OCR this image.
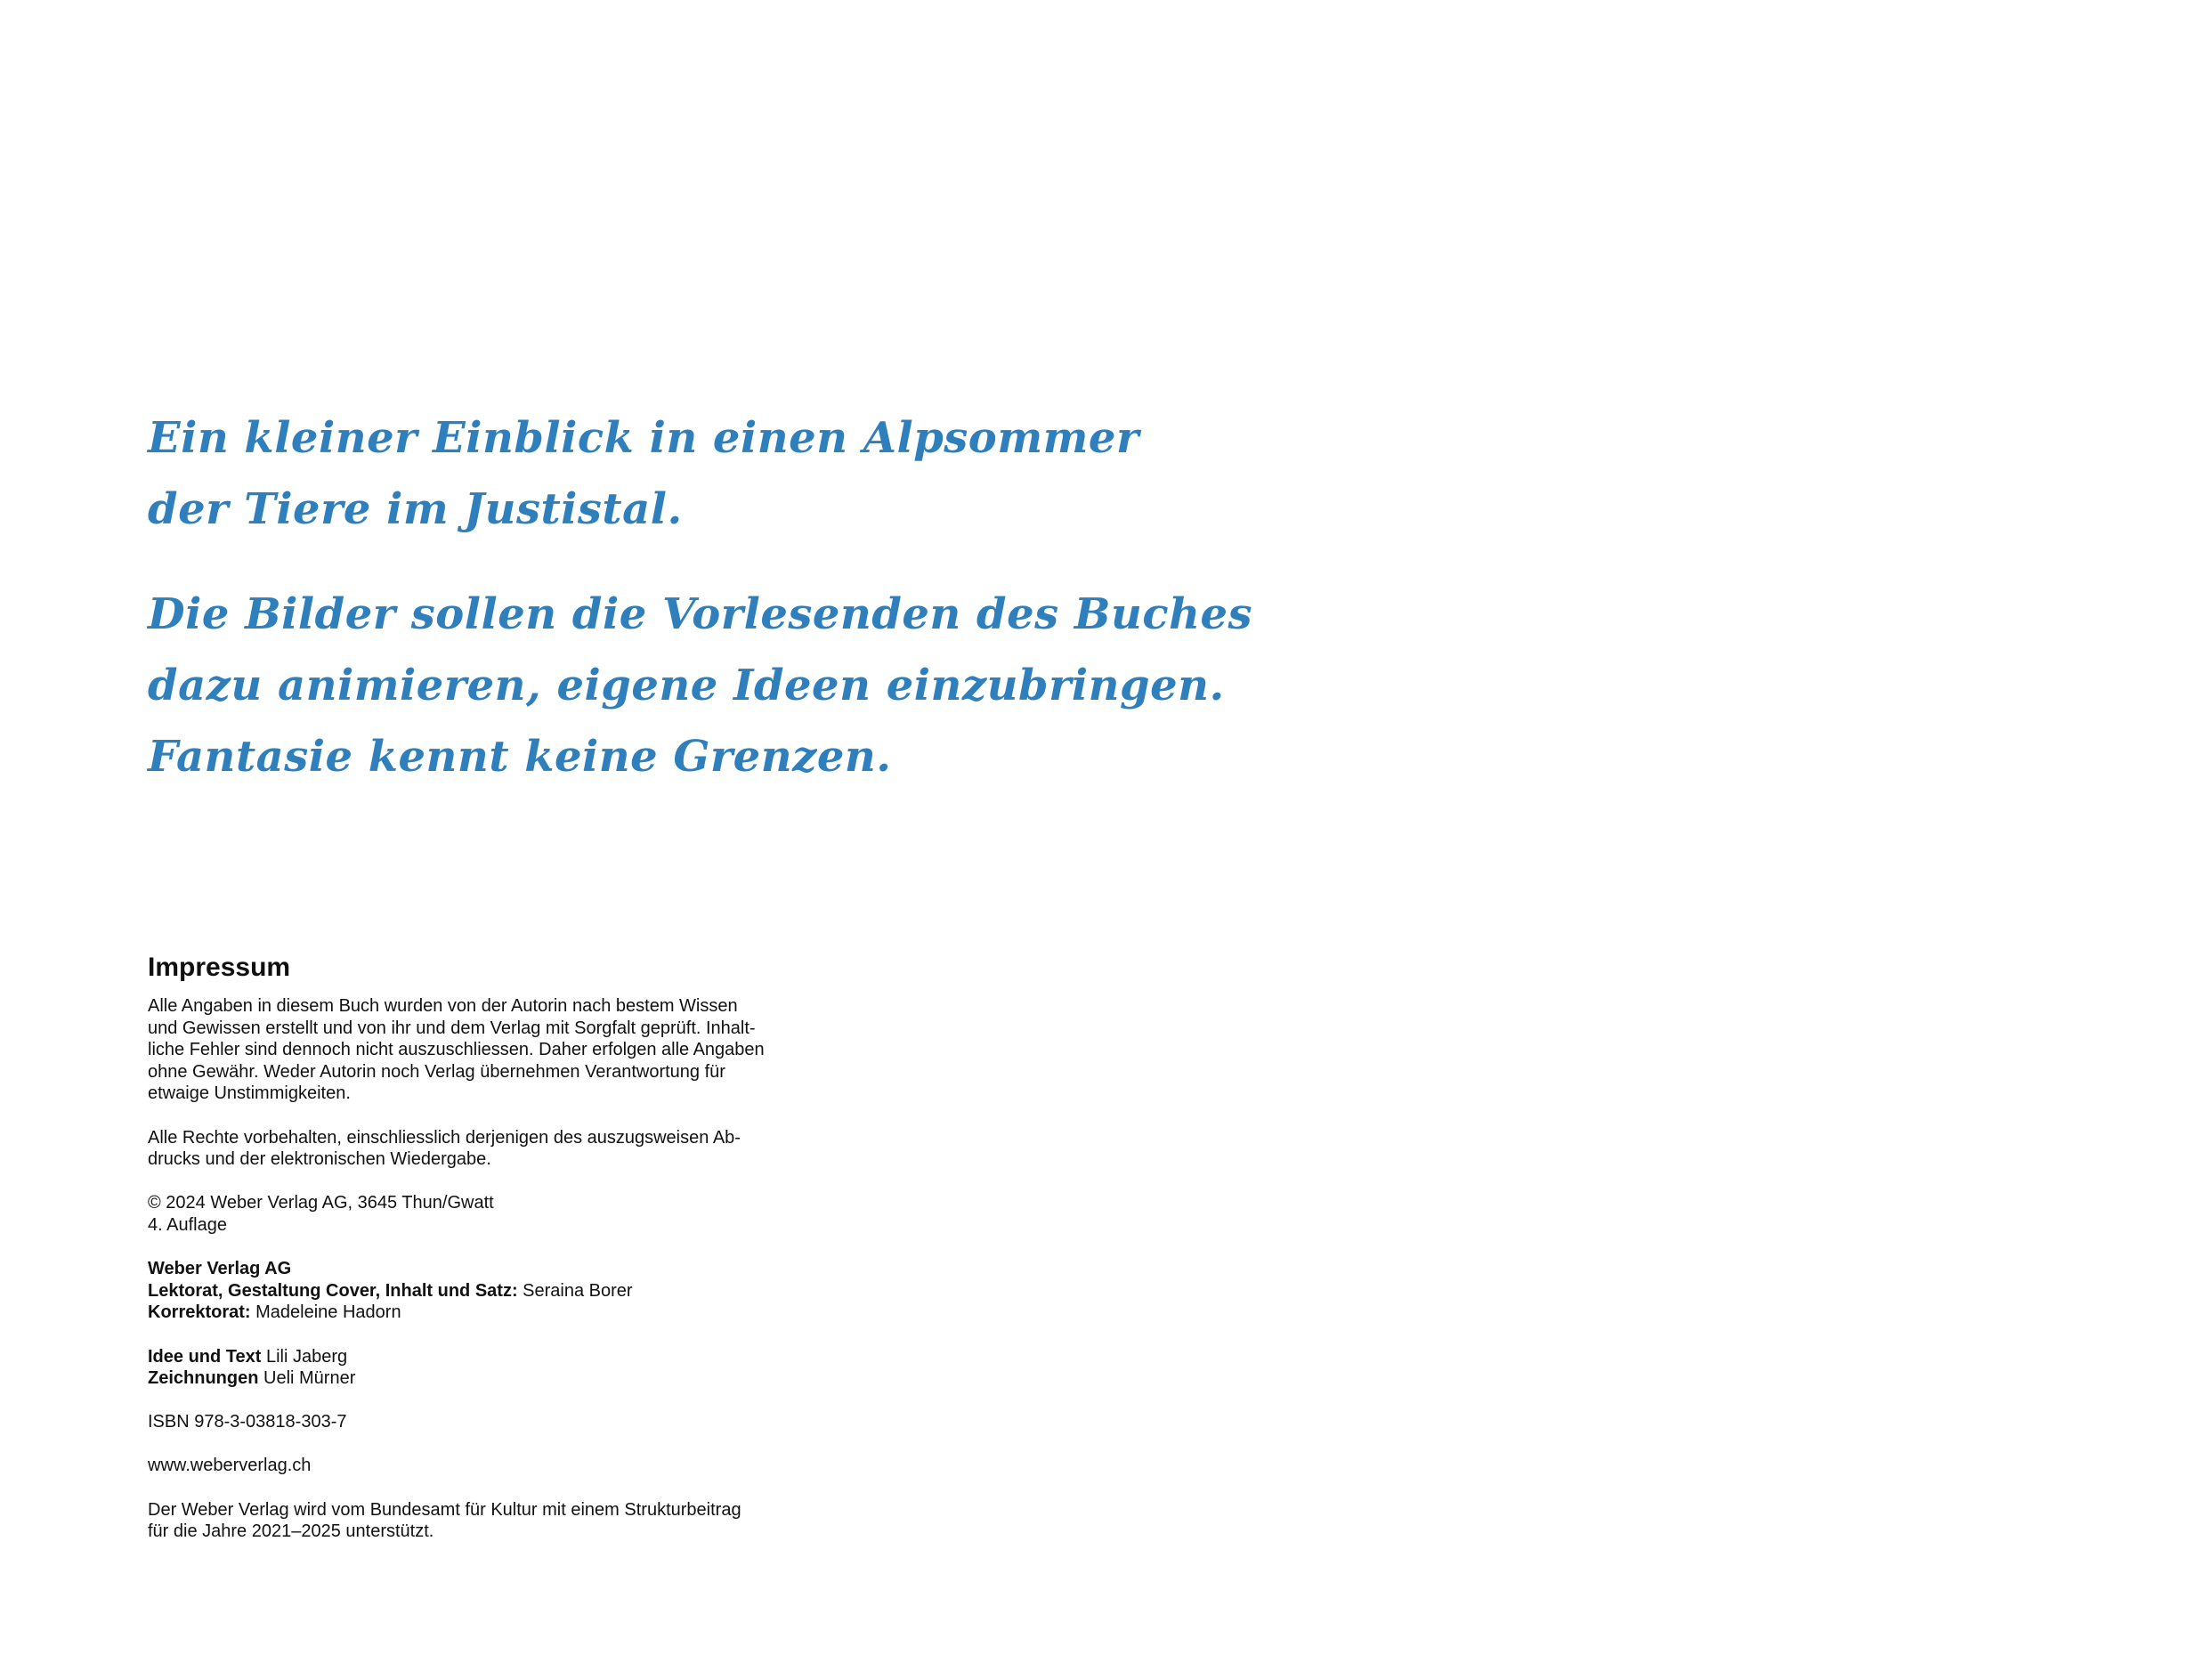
Ein kleiner Einblick in einen Alpsommer
der Tiere im Justistal.

Die Bilder sollen die Vorlesenden des Buches
dazu animieren, eigene Ideen einzubringen.
Fantasie kennt keine Grenzen.

Impressum

Alle Angaben in diesem Buch wurden von der Autorin nach bestem Wissen
und Gewissen erstellt und von ihr und dem Verlag mit Sorgfalt geprüft. Inhalt-
liche Fehler sind dennoch nicht auszuschliessen. Daher erfolgen alle Angaben
ohne Gewähr. Weder Autorin noch Verlag übernehmen Verantwortung für
etwaige Unstimmigkeiten.

Alle Rechte vorbehalten, einschliesslich derjenigen des auszugsweisen Ab-
drucks und der elektronischen Wiedergabe.

© 2024 Weber Verlag AG, 3645 Thun/Gwatt
4. Auflage

Weber Verlag AG
Lektorat, Gestaltung Cover, Inhalt und Satz: Seraina Borer
Korrektorat: Madeleine Hadorn

Idee und Text Lili Jaberg
Zeichnungen Ueli Mürner

ISBN 978-3-03818-303-7

www.weberverlag.ch

Der Weber Verlag wird vom Bundesamt für Kultur mit einem Strukturbeitrag
für die Jahre 2021–2025 unterstützt.
